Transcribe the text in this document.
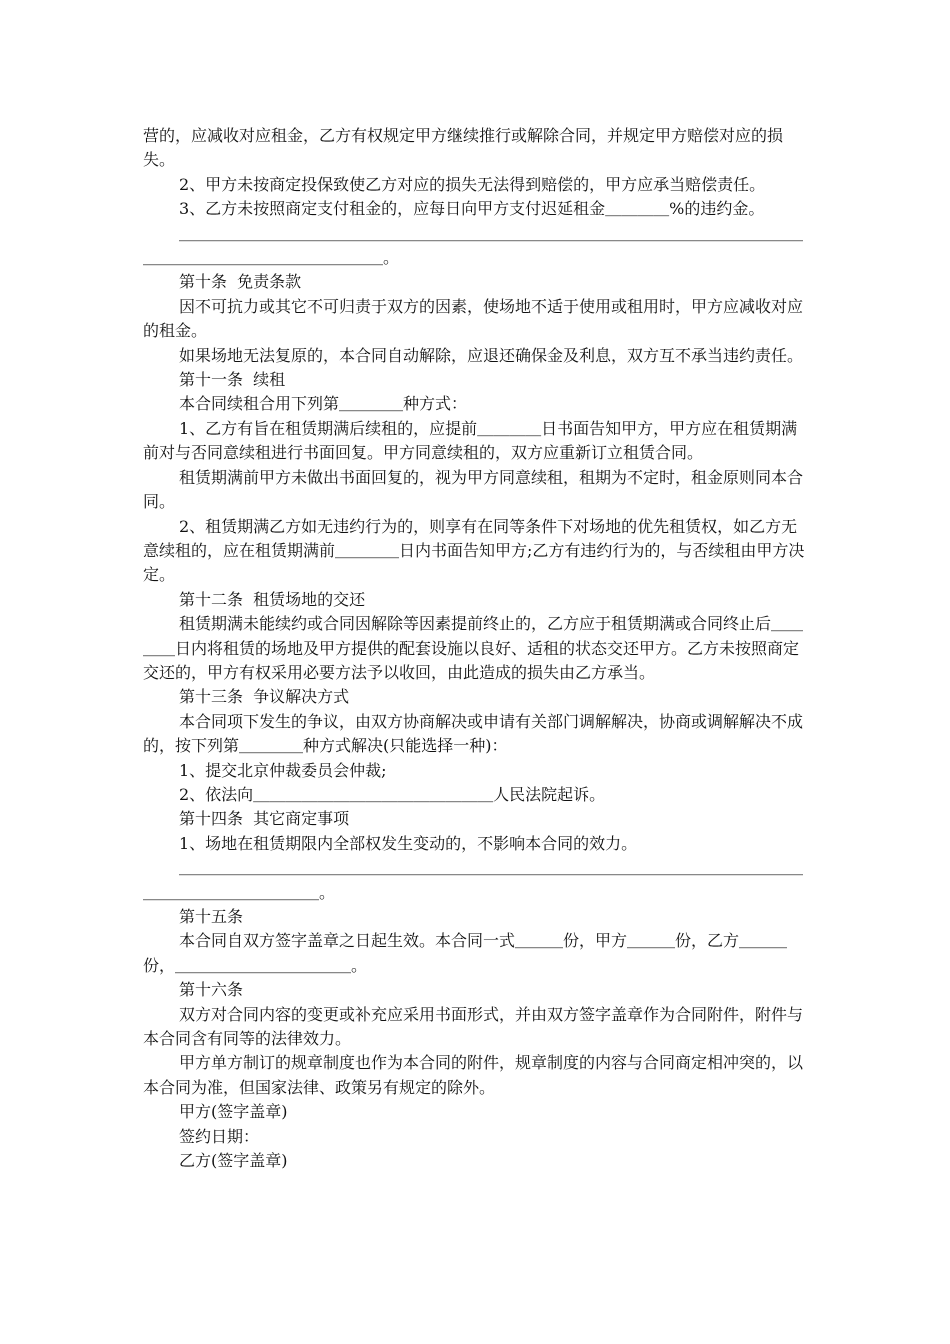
营的，应减收对应租金，乙方有权规定甲方继续推行或解除合同，并规定甲方赔偿对应的损失。

2、甲方未按商定投保致使乙方对应的损失无法得到赔偿的，甲方应承当赔偿责任。

3、乙方未按照商定支付租金的，应每日向甲方支付迟延租金＿＿＿＿%的违约金。

＿＿＿＿＿＿＿＿＿＿＿＿＿＿＿＿＿＿＿＿＿＿＿＿＿＿＿＿＿＿＿＿＿＿＿＿＿＿＿＿＿＿＿＿＿＿＿＿＿＿＿＿＿＿。

第十条  免责条款

因不可抗力或其它不可归责于双方的因素，使场地不适于使用或租用时，甲方应减收对应的租金。

如果场地无法复原的，本合同自动解除，应退还确保金及利息，双方互不承当违约责任。

第十一条  续租

本合同续租合用下列第＿＿＿＿种方式：

1、乙方有旨在租赁期满后续租的，应提前＿＿＿＿日书面告知甲方，甲方应在租赁期满前对与否同意续租进行书面回复。甲方同意续租的，双方应重新订立租赁合同。

租赁期满前甲方未做出书面回复的，视为甲方同意续租，租期为不定时，租金原则同本合同。

2、租赁期满乙方如无违约行为的，则享有在同等条件下对场地的优先租赁权，如乙方无意续租的，应在租赁期满前＿＿＿＿日内书面告知甲方;乙方有违约行为的，与否续租由甲方决定。

第十二条  租赁场地的交还

租赁期满未能续约或合同因解除等因素提前终止的，乙方应于租赁期满或合同终止后＿＿＿＿日内将租赁的场地及甲方提供的配套设施以良好、适租的状态交还甲方。乙方未按照商定交还的，甲方有权采用必要方法予以收回，由此造成的损失由乙方承当。

第十三条  争议解决方式

本合同项下发生的争议，由双方协商解决或申请有关部门调解解决，协商或调解解决不成的，按下列第＿＿＿＿种方式解决(只能选择一种)：

1、提交北京仲裁委员会仲裁;

2、依法向＿＿＿＿＿＿＿＿＿＿＿＿＿＿＿人民法院起诉。

第十四条  其它商定事项

1、场地在租赁期限内全部权发生变动的，不影响本合同的效力。

＿＿＿＿＿＿＿＿＿＿＿＿＿＿＿＿＿＿＿＿＿＿＿＿＿＿＿＿＿＿＿＿＿＿＿＿＿＿＿＿＿＿＿＿＿＿＿＿＿＿。

第十五条

本合同自双方签字盖章之日起生效。本合同一式＿＿＿份，甲方＿＿＿份，乙方＿＿＿份，＿＿＿＿＿＿＿＿＿＿＿。

第十六条

双方对合同内容的变更或补充应采用书面形式，并由双方签字盖章作为合同附件，附件与本合同含有同等的法律效力。

甲方单方制订的规章制度也作为本合同的附件，规章制度的内容与合同商定相冲突的，以本合同为准，但国家法律、政策另有规定的除外。

甲方(签字盖章)

签约日期：

乙方(签字盖章)
